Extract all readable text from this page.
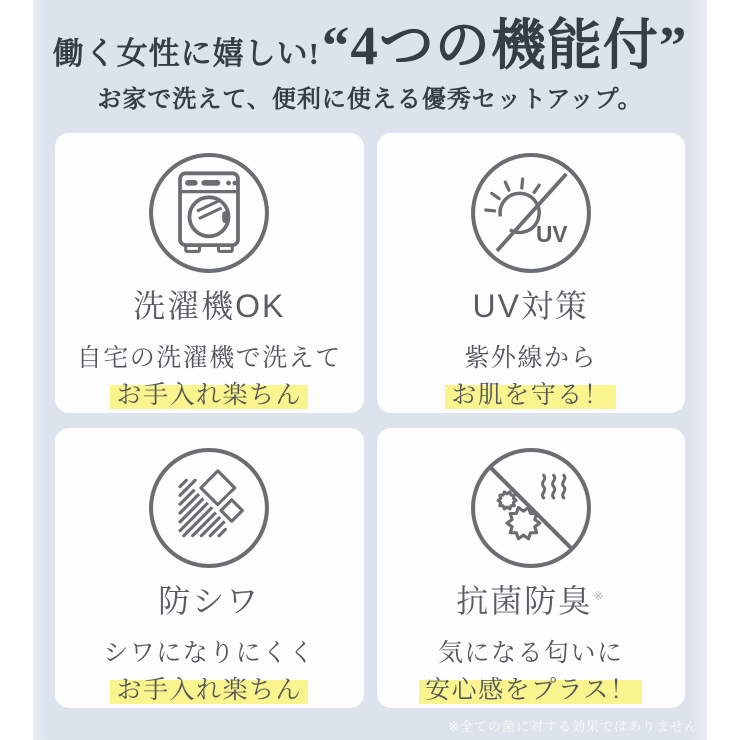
働く女性に嬉しい! “4つの機能付”
お家で洗えて、便利に使える優秀セットアップ。
洗濯機OK
自宅の洗濯機で洗えて
お手入れ楽ちん
UV
UV対策
紫外線から
お肌を守る！
防シワ
シワになりにくく
お手入れ楽ちん
抗菌防臭※
気になる匂いに
安心感をプラス！
※全ての菌に対する効果ではありません
